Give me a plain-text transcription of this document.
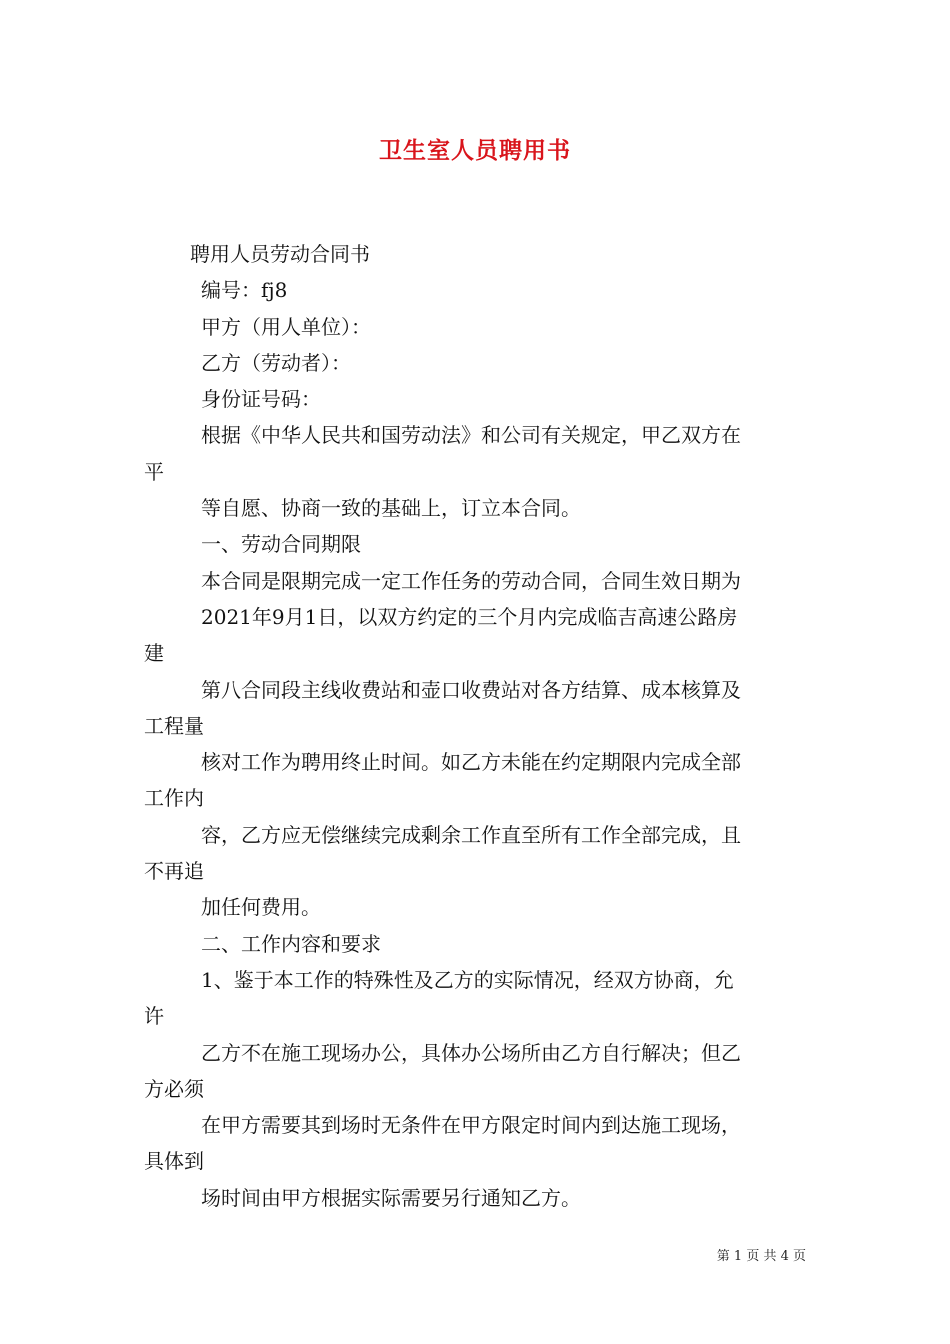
卫生室人员聘用书
聘用人员劳动合同书
编号：fj8
甲方（用人单位）：
乙方（劳动者）：
身份证号码：
根据《中华人民共和国劳动法》和公司有关规定，甲乙双方在
平
等自愿、协商一致的基础上，订立本合同。
一、劳动合同期限
本合同是限期完成一定工作任务的劳动合同，合同生效日期为
2021年9月1日，以双方约定的三个月内完成临吉高速公路房
建
第八合同段主线收费站和壶口收费站对各方结算、成本核算及
工程量
核对工作为聘用终止时间。如乙方未能在约定期限内完成全部
工作内
容，乙方应无偿继续完成剩余工作直至所有工作全部完成，且
不再追
加任何费用。
二、工作内容和要求
1、鉴于本工作的特殊性及乙方的实际情况，经双方协商，允
许
乙方不在施工现场办公，具体办公场所由乙方自行解决；但乙
方必须
在甲方需要其到场时无条件在甲方限定时间内到达施工现场，
具体到
场时间由甲方根据实际需要另行通知乙方。
第 1 页 共 4 页
